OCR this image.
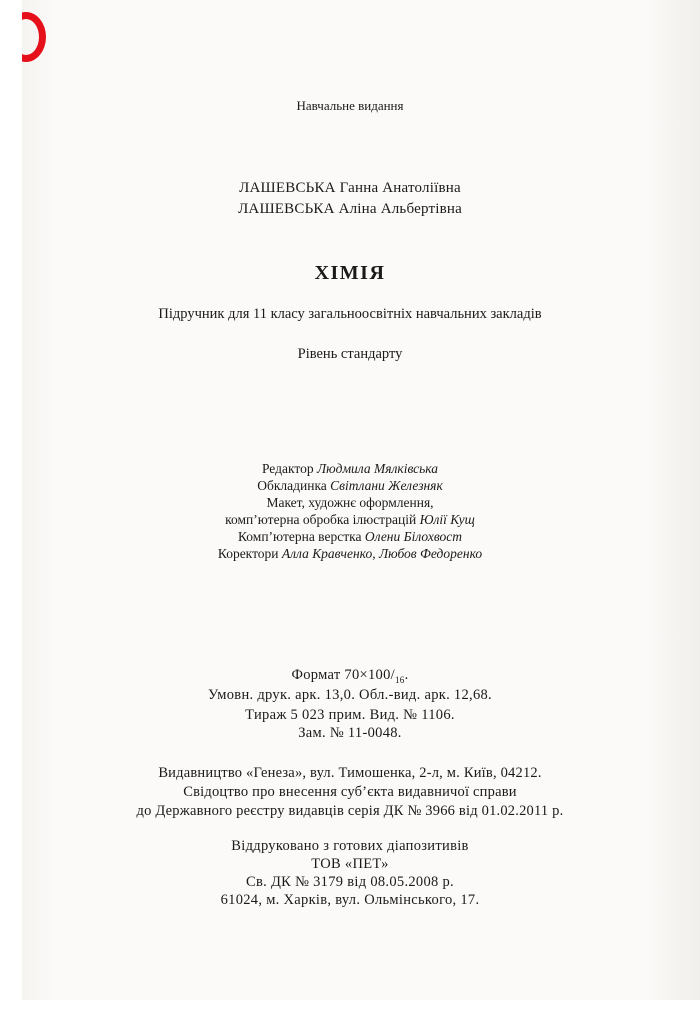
Навчальне видання
ЛАШЕВСЬКА Ганна Анатоліївна
ЛАШЕВСЬКА Аліна Альбертівна
ХІМІЯ
Підручник для 11 класу загальноосвітніх навчальних закладів
Рівень стандарту
Редактор Людмила Мялківська
Обкладинка Світлани Железняк
Макет, художнє оформлення,
комп’ютерна обробка ілюстрацій Юлії Кущ
Комп’ютерна верстка Олени Білохвост
Коректори Алла Кравченко, Любов Федоренко
Формат $70\times 100/_{16}$.
Умовн. друк. арк. 13,0. Обл.-вид. арк. 12,68.
Тираж 5 023 прим. Вид. № 1106.
Зам. № 11-0048.
Видавництво «Генеза», вул. Тимошенка, 2-л, м. Київ, 04212.
Свідоцтво про внесення суб’єкта видавничої справи
до Державного реєстру видавців серія ДК № 3966 від 01.02.2011 р.
Віддруковано з готових діапозитивів
ТОВ «ПЕТ»
Св. ДК № 3179 від 08.05.2008 р.
61024, м. Харків, вул. Ольмінського, 17.
